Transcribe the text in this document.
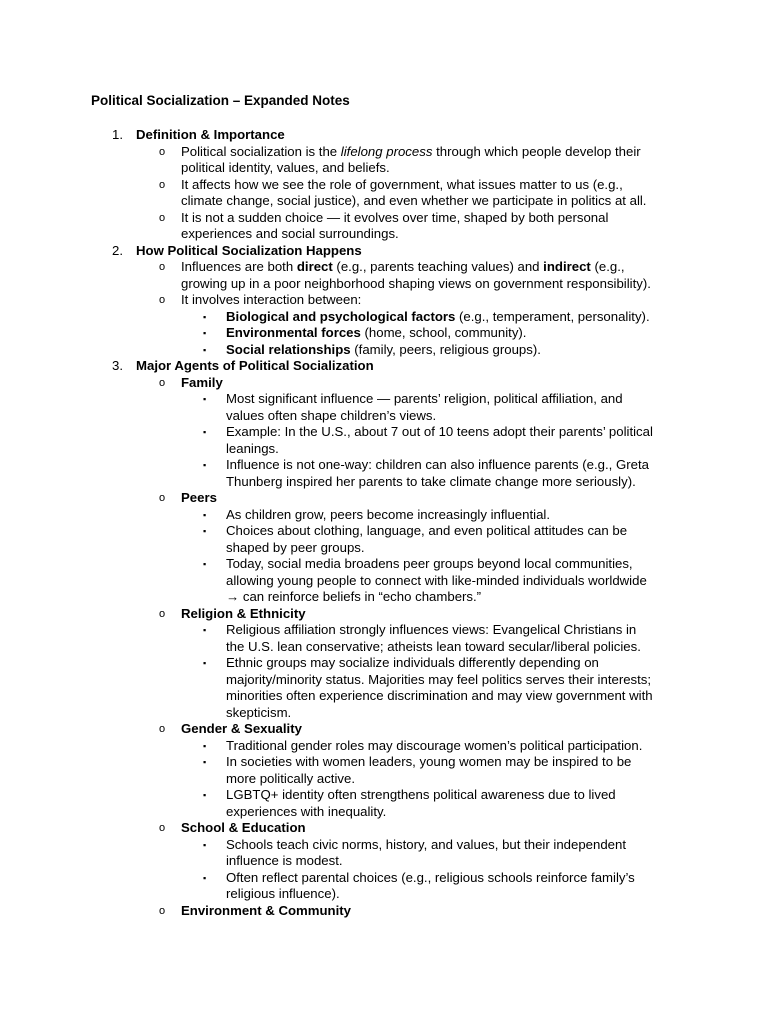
Political Socialization – Expanded Notes
1. Definition & Importance
o Political socialization is the lifelong process through which people develop their
political identity, values, and beliefs.
o It affects how we see the role of government, what issues matter to us (e.g.,
climate change, social justice), and even whether we participate in politics at all.
o It is not a sudden choice — it evolves over time, shaped by both personal
experiences and social surroundings.
2. How Political Socialization Happens
o Influences are both direct (e.g., parents teaching values) and indirect (e.g.,
growing up in a poor neighborhood shaping views on government responsibility).
o It involves interaction between:
▪ Biological and psychological factors (e.g., temperament, personality).
▪ Environmental forces (home, school, community).
▪ Social relationships (family, peers, religious groups).
3. Major Agents of Political Socialization
o Family
▪ Most significant influence — parents’ religion, political affiliation, and
values often shape children’s views.
▪ Example: In the U.S., about 7 out of 10 teens adopt their parents’ political
leanings.
▪ Influence is not one-way: children can also influence parents (e.g., Greta
Thunberg inspired her parents to take climate change more seriously).
o Peers
▪ As children grow, peers become increasingly influential.
▪ Choices about clothing, language, and even political attitudes can be
shaped by peer groups.
▪ Today, social media broadens peer groups beyond local communities,
allowing young people to connect with like-minded individuals worldwide
→ can reinforce beliefs in “echo chambers.”
o Religion & Ethnicity
▪ Religious affiliation strongly influences views: Evangelical Christians in
the U.S. lean conservative; atheists lean toward secular/liberal policies.
▪ Ethnic groups may socialize individuals differently depending on
majority/minority status. Majorities may feel politics serves their interests;
minorities often experience discrimination and may view government with
skepticism.
o Gender & Sexuality
▪ Traditional gender roles may discourage women’s political participation.
▪ In societies with women leaders, young women may be inspired to be
more politically active.
▪ LGBTQ+ identity often strengthens political awareness due to lived
experiences with inequality.
o School & Education
▪ Schools teach civic norms, history, and values, but their independent
influence is modest.
▪ Often reflect parental choices (e.g., religious schools reinforce family’s
religious influence).
o Environment & Community
